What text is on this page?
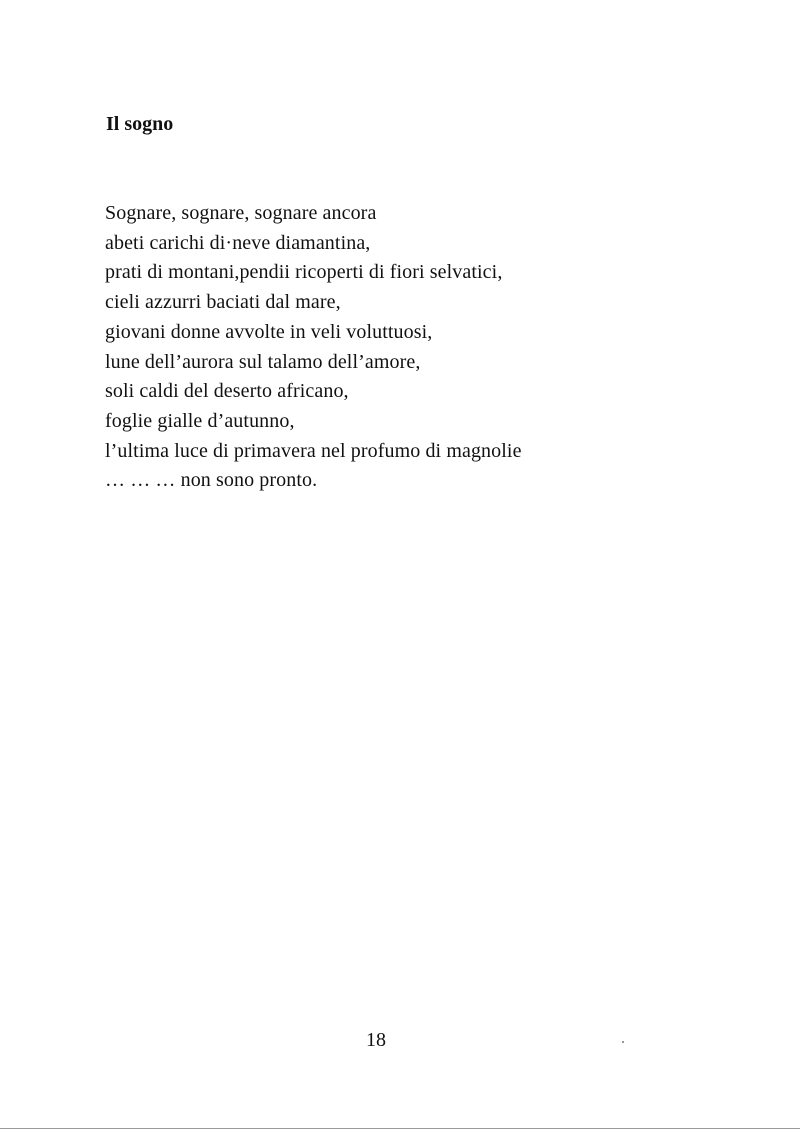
Il sogno
Sognare, sognare, sognare ancora
abeti carichi di·neve diamantina,
prati di montani,pendii ricoperti di fiori selvatici,
cieli azzurri baciati dal mare,
giovani donne avvolte in veli voluttuosi,
lune dell’aurora sul talamo dell’amore,
soli caldi del deserto africano,
foglie gialle d’autunno,
l’ultima luce di primavera nel profumo di magnolie
… … … non sono pronto.
18
